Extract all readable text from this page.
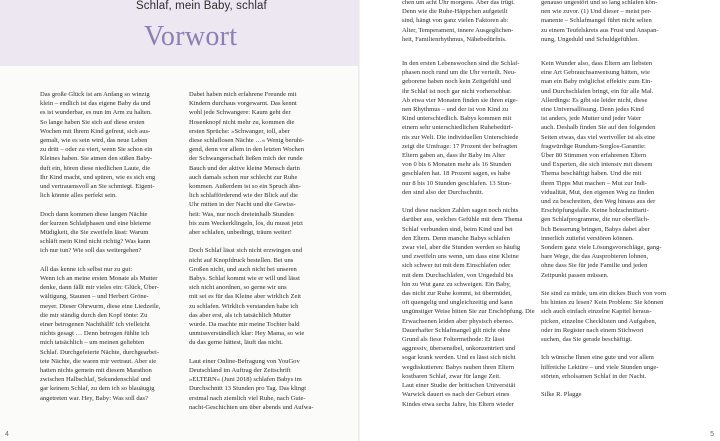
Schlaf, mein Baby, schlaf
Vorwort

Das große Glück ist am Anfang so winzig
klein – endlich ist das eigene Baby da und
es ist wunderbar, es nun im Arm zu halten.
So lange haben Sie sich auf diese ersten
Wochen mit Ihrem Kind gefreut, sich aus-
gemalt, wie es sein wird, das neue Leben
zu dritt – oder zu viert, wenn Sie schon ein
Kleines haben. Sie atmen den süßen Baby-
duft ein, hören diese niedlichen Laute, die
Ihr Kind macht, und spüren, wie es sich eng
und vertrauensvoll an Sie schmiegt. Eigent-
lich könnte alles perfekt sein.

Doch dann kommen diese langen Nächte
der kurzen Schlafphasen und eine bleierne
Müdigkeit, die Sie zweifeln lässt: Warum
schläft mein Kind nicht richtig? Was kann
ich nur tun? Wie soll das weitergehen?

All das kenne ich selbst nur zu gut:
Wenn ich an meine ersten Monate als Mutter
denke, dann fällt mir vieles ein: Glück, Über-
wältigung, Staunen – und Herbert Gröne-
meyer. Dieser Ohrwurm, diese eine Liedzeile,
die mir ständig durch den Kopf tönte: Zu
einer betrogenen Nachthälft' ich vielleicht
nichts gesagt … Denn betrogen fühlte ich
mich tatsächlich – um meinen geliebten
Schlaf. Durchgefeierte Nächte, durchgearbei-
tete Nächte, die waren mir vertraut. Aber sie
hatten nichts gemein mit diesem Marathon
zwischen Halbschlaf, Sekundenschlaf und
gar keinem Schlaf, zu dem ich so blauäugig
angetreten war. Hey, Baby: Was soll das?

Dabei haben mich erfahrene Freunde mit
Kindern durchaus vorgewarnt. Das kennt
wohl jede Schwangere: Kaum geht der
Hosenknopf nicht mehr zu, kommen die
ersten Sprüche: »Schwanger, toll, aber
diese schlaflosen Nächte …« Wenig beruhi-
gend, denn vor allem in den letzten Wochen
der Schwangerschaft ließen mich der runde
Bauch und der aktive kleine Mensch darin
auch damals schon nur schlecht zur Ruhe
kommen. Außerdem ist so ein Spruch ähn-
lich schlafförderend wie der Blick auf die
Uhr mitten in der Nacht und die Gewiss-
heit: Was, nur noch dreieinhalb Stunden
bis zum Weckerklingeln, los, du musst jetzt
aber schlafen, unbedingt, träum weiter!

Doch Schlaf lässt sich nicht erzwingen und
nicht auf Knopfdruck bestellen. Bei uns
Großen nicht, und auch nicht bei unseren
Babys. Schlaf kommt wie er will und lässt
sich nicht anordnen, so gerne wir uns
mit sei es für das Kleine aber wirklich Zeit
zu schlafen. Wirklich verstanden habe ich
das aber erst, als ich tatsächlich Mutter
wurde. Da machte mir meine Tochter bald
unmissverständlich klar: Hey Mama, so wie
du das gerne hättest, läuft das nicht.

Laut einer Online-Befragung von YouGov
Deutschland im Auftrag der Zeitschrift
»ELTERN« (Juni 2018) schlafen Babys im
Durchschnitt 13 Stunden pro Tag. Das klingt
erstmal nach ziemlich viel Ruhe, nach Gute-
nacht-Geschichten um über abends und Aufwa-

4

chen um acht Uhr morgens. Aber das trügt.
Denn wie die Ruhe-Häppchen aufgeteilt
sind, hängt von ganz vielen Faktoren ab:
Alter, Temperament, innere Ausgeglichen-
heit, Familienrhythmus, Nähebedürfnis.

genauso ungestört und so lang schlafen kön-
nen wie zuvor. (1) Und dieser – meist per-
manente – Schlafmangel führt nicht selten
zu einem Teufelskreis aus Frust und Anspan-
nung, Ungeduld und Schuldgefühlen.

In den ersten Lebenswochen sind die Schlaf-
phasen noch rund um die Uhr verteilt. Neu-
geborene haben noch kein Zeitgefühl und
ihr Schlaf ist noch gar nicht vorhersehbar.
Ab etwa vier Monaten finden sie ihren eige-
nen Rhythmus – und der ist von Kind zu
Kind unterschiedlich. Babys kommen mit
einem sehr unterschiedlichen Ruhebedürf-
nis zur Welt. Die individuellen Unterschiede
zeigt die Umfrage: 17 Prozent der befragten
Eltern gaben an, dass ihr Baby im Alter
von 0 bis 6 Monaten mehr als 16 Stunden
geschlafen hat. 18 Prozent sagen, es habe
nur 8 bis 10 Stunden geschlafen. 13 Stun-
den sind also der Durchschnitt.

Und diese nackten Zahlen sagen noch nichts
darüber aus, welches Gefühle mit dem Thema
Schlaf verbunden sind, beim Kind und bei
den Eltern. Denn manche Babys schlafen
zwar viel, aber die Stunden werden so häufig
und zweifeln uns wenn, um dass eine Kleine
sich schwer tut mit dem Einschlafen oder
mit dem Durchschlafen, von Ungeduld bis
hin zu Wut ganz zu schweigen. Ein Baby,
das nicht zur Ruhe kommt, ist übermüdet,
oft quengelig und ungleichzeitig und kann
ungünstiger Weise bitten Sie zur Erschöpfung. Die
Erwachsenen leiden aber physisch ebenso.
Dauerhafter Schlafmangel gilt nicht ohne
Grund als fiese Foltermethode: Er lässt
aggressiv, übersensibel, unkonzentriert und
sogar krank werden. Und es lässt sich nicht
wegdiskutieren: Babys rauben ihren Eltern
kostbaren Schlaf, zwar für lange Zeit.
Laut einer Studie der britischen Universität
Warwick dauert es nach der Geburt eines
Kindes etwa sechs Jahre, bis Eltern wieder

Kein Wunder also, dass Eltern am liebsten
eine Art Gebrauchsanweisung hätten, wie
man ein Baby möglichst effektiv zum Ein-
und Durchschlafen bringt, ein für alle Mal.
Allerdings: Es gibt sie leider nicht, diese
eine Universallösung. Denn jedes Kind
ist anders, jede Mutter und jeder Vater
auch. Deshalb finden Sie auf den folgenden
Seiten etwas, das viel wertvoller ist als eine
fragwürdige Rundum-Sorglos-Garantie:
Über 80 Stimmen von erfahrenen Eltern
und Experten, die sich intensiv mit diesem
Thema beschäftigt haben. Und die mit
ihren Tipps Mut machen – Mut zur Indi-
vidualität, Mut, den eigenen Weg zu finden
und zu beschreiten, den Weg hinaus aus der
Erschöpfungsfalle. Keine holzschnittarti-
gen Schlafprogramme, die nur oberfläch-
lich Besserung bringen, Babys dabei aber
innerlich zutiefst verstören können.
Sondern ganz viele Lösungsvorschläge, gang-
bare Wege, die das Ausprobieren lohnen,
ohne dass Sie für jede Familie und jeden
Zeitpunkt passen müssen.

Sie sind zu müde, um ein dickes Buch von vorn
bis hinten zu lesen? Kein Problem: Sie können
sich auch einfach einzelne Kapitel heraus-
picken, einzelne Checklisten und Aufgaben,
oder im Register nach einem Stichwort
suchen, das Sie gerade beschäftigt.

Ich wünsche Ihnen eine gute und vor allem
hilfreiche Lektüre – und viele Stunden unge-
störten, erholsamen Schlaf in der Nacht.

Silke R. Plagge

5
